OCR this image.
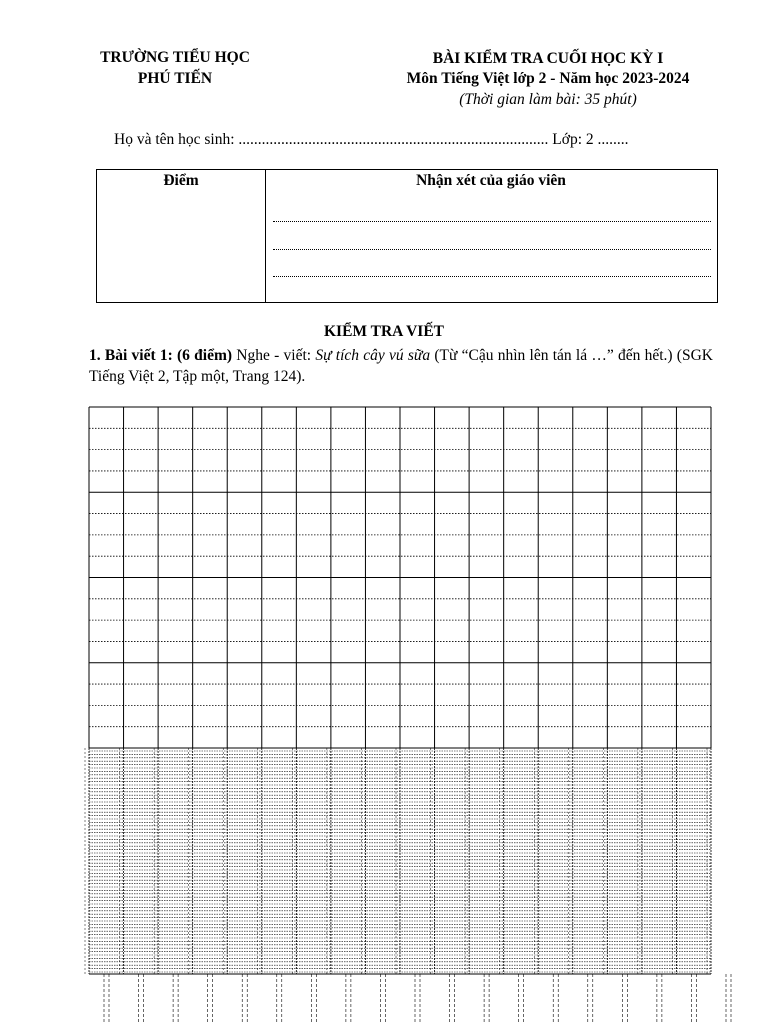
TRƯỜNG TIỂU HỌC
PHÚ TIẾN
BÀI KIỂM TRA CUỐI HỌC KỲ I
Môn Tiếng Việt lớp 2 - Năm học 2023-2024
(Thời gian làm bài: 35 phút)
Họ và tên học sinh: ................................................................................ Lớp: 2 ........
Điểm	Nhận xét của giáo viên
KIỂM TRA VIẾT
1. Bài viết 1: (6 điểm) Nghe - viết: Sự tích cây vú sữa (Từ “Cậu nhìn lên tán lá …” đến hết.) (SGK Tiếng Việt 2, Tập một, Trang 124).
